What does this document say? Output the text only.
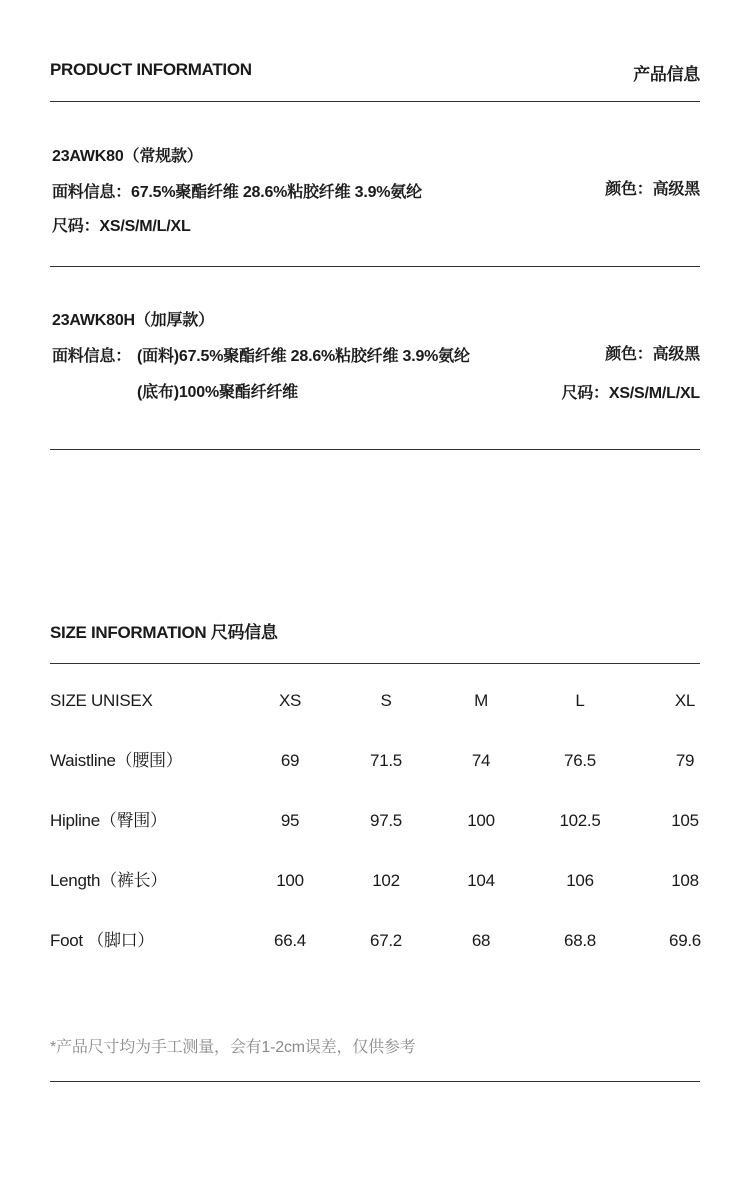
PRODUCT INFORMATION	产品信息
23AWK80（常规款）
面料信息：67.5%聚酯纤维 28.6%粘胶纤维 3.9%氨纶	颜色：高级黑
尺码：XS/S/M/L/XL
23AWK80H（加厚款）
面料信息： (面料)67.5%聚酯纤维 28.6%粘胶纤维 3.9%氨纶
(底布)100%聚酯纤纤维
颜色：高级黑
尺码：XS/S/M/L/XL
SIZE INFORMATION 尺码信息
SIZE UNISEX	XS	S	M	L	XL
Waistline（腰围）	69	71.5	74	76.5	79
Hipline（臀围）	95	97.5	100	102.5	105
Length（裤长）	100	102	104	106	108
Foot （脚口）	66.4	67.2	68	68.8	69.6
*产品尺寸均为手工测量，会有1-2cm误差，仅供参考
